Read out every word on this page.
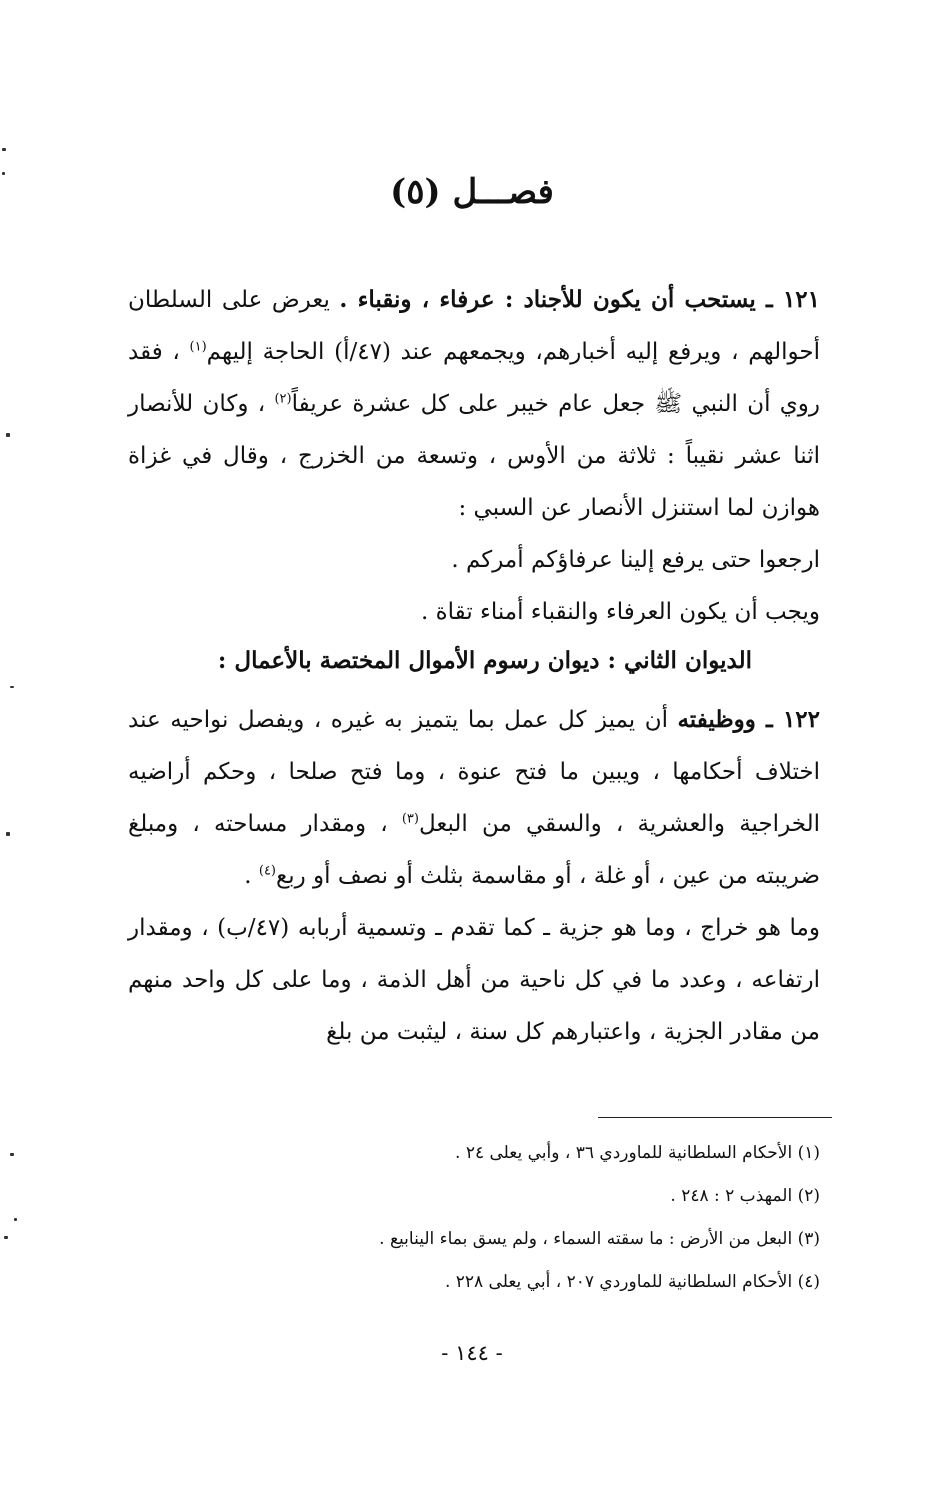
فصـــل (٥)
١٢١ ـ يستحب أن يكون للأجناد : عرفاء ، ونقباء . يعرض على السلطان أحوالهم ، ويرفع إليه أخبارهم، ويجمعهم عند (٤٧/أ) الحاجة إليهم$^{(١)}$ ، فقد روي أن النبي ﷺ جعل عام خيبر على كل عشرة عريفاً$^{(٢)}$ ، وكان للأنصار اثنا عشر نقيباً : ثلاثة من الأوس ، وتسعة من الخزرج ، وقال في غزاة هوازن لما استنزل الأنصار عن السبي :
ارجعوا حتى يرفع إلينا عرفاؤكم أمركم .
ويجب أن يكون العرفاء والنقباء أمناء تقاة .
الديوان الثاني : ديوان رسوم الأموال المختصة بالأعمال :
١٢٢ ـ ووظيفته أن يميز كل عمل بما يتميز به غيره ، ويفصل نواحيه عند اختلاف أحكامها ، ويبين ما فتح عنوة ، وما فتح صلحا ، وحكم أراضيه الخراجية والعشرية ، والسقي من البعل$^{(٣)}$ ، ومقدار مساحته ، ومبلغ ضريبته من عين ، أو غلة ، أو مقاسمة بثلث أو نصف أو ربع$^{(٤)}$ .
وما هو خراج ، وما هو جزية ـ كما تقدم ـ وتسمية أربابه (٤٧/ب) ، ومقدار ارتفاعه ، وعدد ما في كل ناحية من أهل الذمة ، وما على كل واحد منهم من مقادر الجزية ، واعتبارهم كل سنة ، ليثبت من بلغ
(١) الأحكام السلطانية للماوردي ٣٦ ، وأبي يعلى ٢٤ .
(٢) المهذب ٢ : ٢٤٨ .
(٣) البعل من الأرض : ما سقته السماء ، ولم يسق بماء الينابيع .
(٤) الأحكام السلطانية للماوردي ٢٠٧ ، أبي يعلى ٢٢٨ .
- ١٤٤ -
